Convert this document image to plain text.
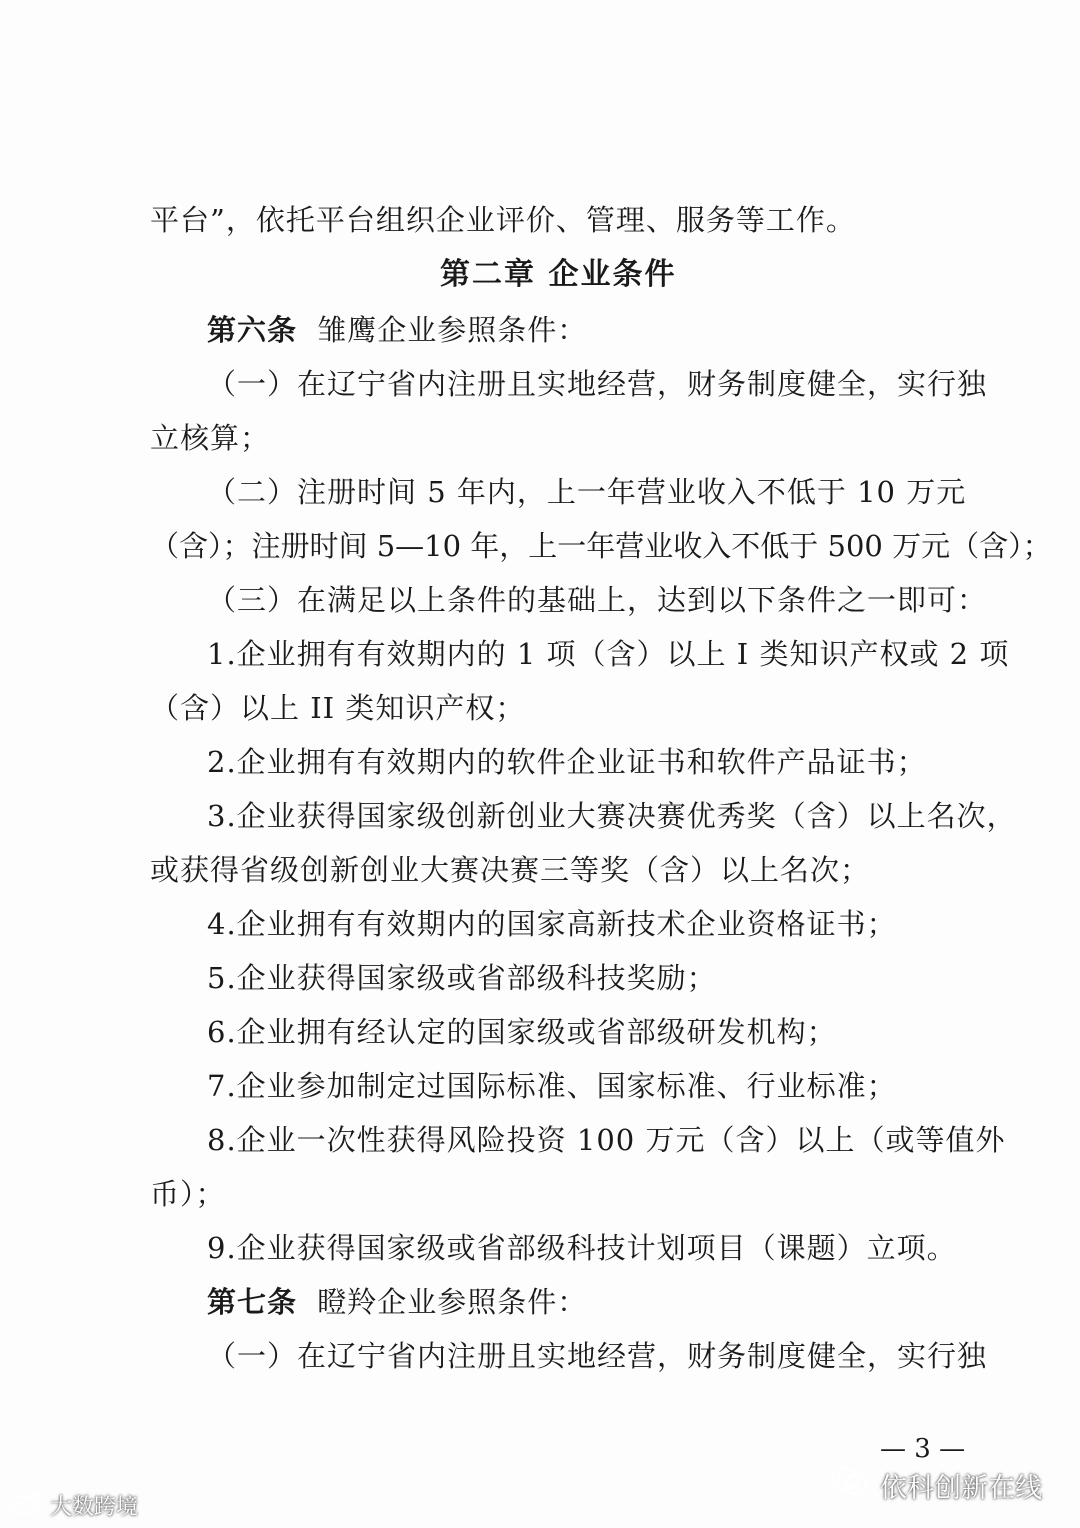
平台”，依托平台组织企业评价、管理、服务等工作。
第二章 企业条件
第六条 雏鹰企业参照条件：
（一）在辽宁省内注册且实地经营，财务制度健全，实行独
立核算；
（二）注册时间 5 年内，上一年营业收入不低于 10 万元
（含）；注册时间 5—10 年，上一年营业收入不低于 500 万元（含）；
（三）在满足以上条件的基础上，达到以下条件之一即可：
1.企业拥有有效期内的 1 项（含）以上 I 类知识产权或 2 项
（含）以上 II 类知识产权；
2.企业拥有有效期内的软件企业证书和软件产品证书；
3.企业获得国家级创新创业大赛决赛优秀奖（含）以上名次，
或获得省级创新创业大赛决赛三等奖（含）以上名次；
4.企业拥有有效期内的国家高新技术企业资格证书；
5.企业获得国家级或省部级科技奖励；
6.企业拥有经认定的国家级或省部级研发机构；
7.企业参加制定过国际标准、国家标准、行业标准；
8.企业一次性获得风险投资 100 万元（含）以上（或等值外
币）；
9.企业获得国家级或省部级科技计划项目（课题）立项。
第七条 瞪羚企业参照条件：
（一）在辽宁省内注册且实地经营，财务制度健全，实行独
— 3 —
依科创新在线
大数跨境
